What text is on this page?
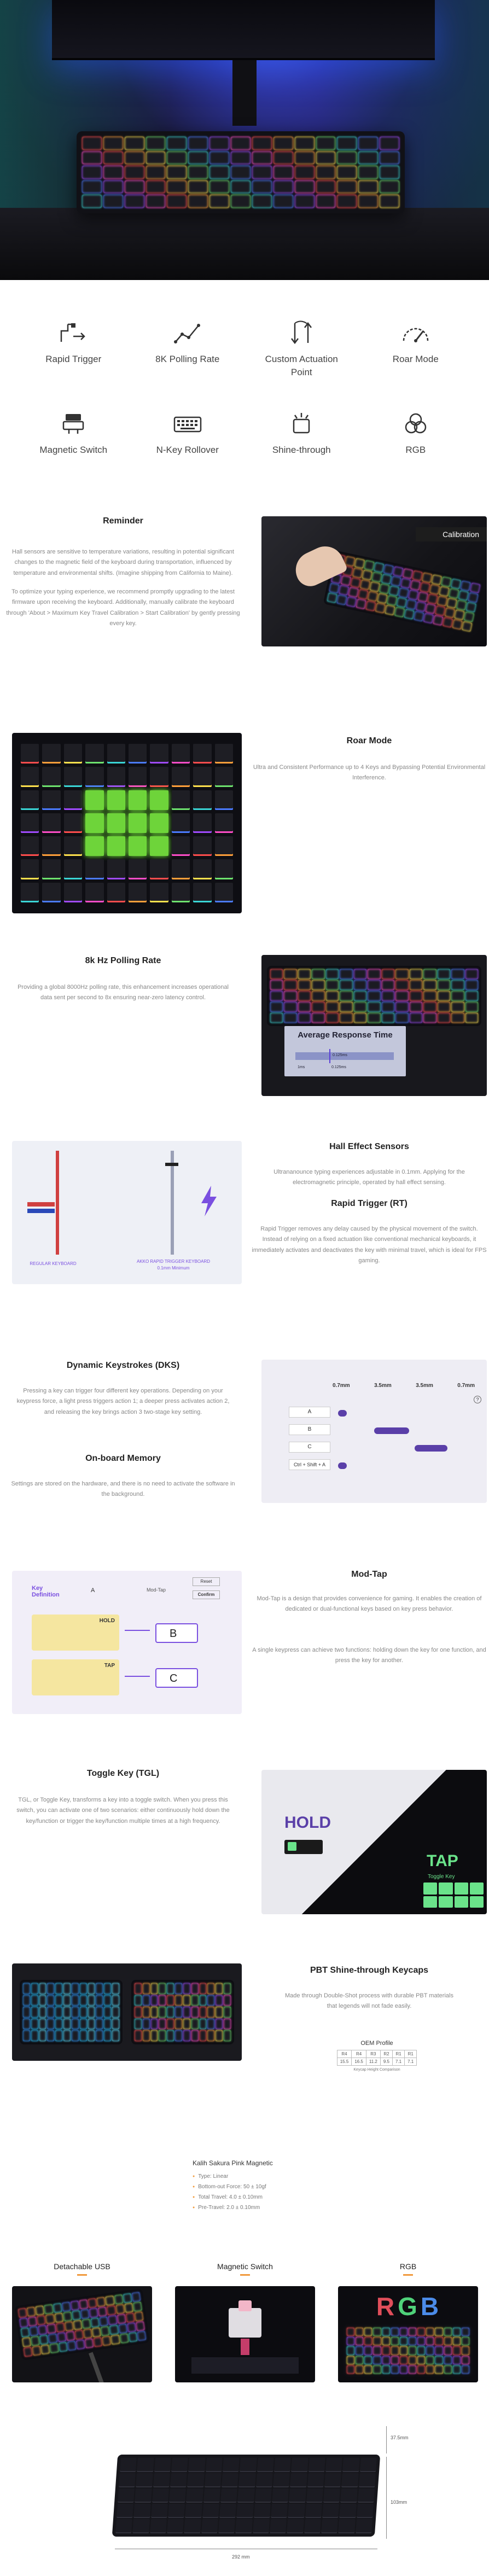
Rapid Trigger	8K Polling Rate	Custom Actuation Point
Roar Mode
Magnetic Switch	N-Key Rollover	Shine-through	RGB
Reminder
Hall sensors are sensitive to temperature variations, resulting in potential significant changes to the magnetic field of the keyboard during transportation, influenced by temperature and environmental shifts. (Imagine shipping from California to Maine).
To optimize your typing experience, we recommend promptly upgrading to the latest firmware upon receiving the keyboard. Additionally, manually calibrate the keyboard through 'About > Maximum Key Travel Calibration > Start Calibration' by gently pressing every key.
Calibration
Roar Mode
Ultra and Consistent Performance up to 4 Keys and Bypassing Potential Environmental Interference.
8k Hz Polling Rate
Providing a global 8000Hz polling rate, this enhancement increases operational data sent per second to 8x ensuring near-zero latency control.
Average Response Time
0.125ms
1ms	0.125ms
REGULAR KEYBOARD	AKKO RAPID TRIGGER KEYBOARD
0.1mm Minimum
Hall Effect Sensors
Ultrananounce typing experiences adjustable in 0.1mm. Applying for the electromagnetic principle, operated by hall effect sensing.
Rapid Trigger (RT)
Rapid Trigger removes any delay caused by the physical movement of the switch. Instead of relying on a fixed actuation like conventional mechanical keyboards, it immediately activates and deactivates the key with minimal travel, which is ideal for FPS gaming.
Dynamic Keystrokes (DKS)
Pressing a key can trigger four different key operations. Depending on your keypress force, a light press triggers action 1; a deeper press activates action 2, and releasing the key brings action 3 two-stage key setting.
On-board Memory
Settings are stored on the hardware, and there is no need to activate the software in the background.
0.7mm	3.5mm	3.5mm	0.7mm
?
A
B
C
Ctrl + Shift + A
Key Definition
A	Mod-Tap
Reset
Confirm
HOLD
B
TAP
C
Mod-Tap
Mod-Tap is a design that provides convenience for gaming. It enables the creation of dedicated or dual-functional keys based on key press behavior.
A single keypress can achieve two functions: holding down the key for one function, and press the key for another.
Toggle Key (TGL)
TGL, or Toggle Key, transforms a key into a toggle switch. When you press this switch, you can activate one of two scenarios: either continuously hold down the key/function or trigger the key/function multiple times at a high frequency.	HOLD
TAP
Toggle Key
PBT Shine-through Keycaps
Made through Double-Shot process with durable PBT materials that legends will not fade easily.
OEM Profile
R4	R4	R3	R2	R1	R1
15.5	16.5	11.2	9.5	7.1	7.1
Keycap Height Comparison
Kalih Sakura Pink Magnetic
● Type: Linear
● Bottom-out Force: 50 ± 10gf
● Total Travel: 4.0 ± 0.10mm
● Pre-Travel: 2.0 ± 0.10mm
Detachable USB	Magnetic Switch	RGB
RGB
37.5mm
103mm
292 mm
